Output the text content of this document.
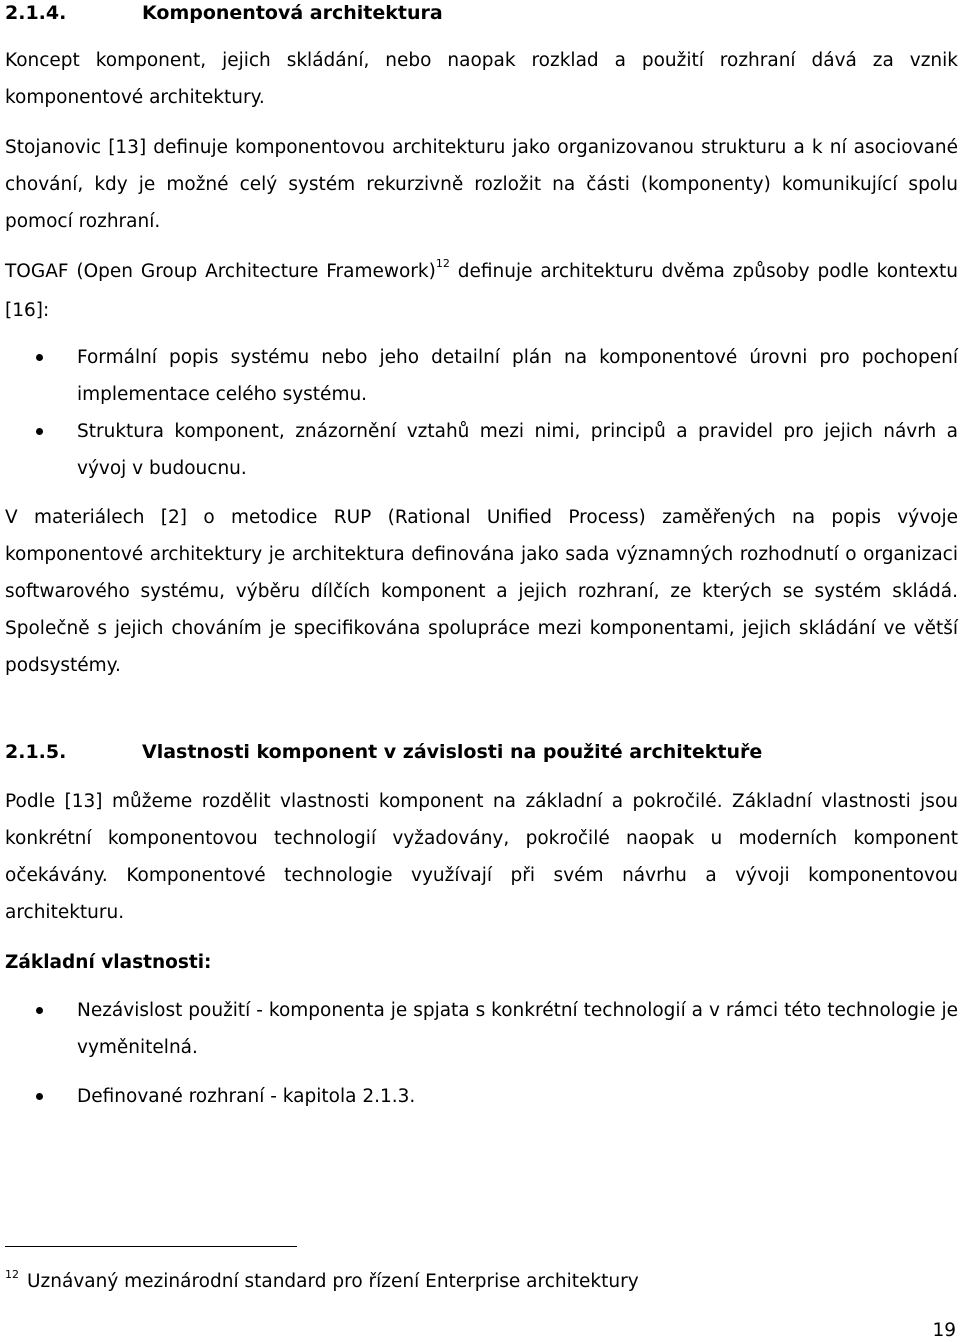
2.1.4.	Komponentová architektura
Koncept komponent, jejich skládání, nebo naopak rozklad a použití rozhraní dává za vznik komponentové architektury.
Stojanovic [13] definuje komponentovou architekturu jako organizovanou strukturu a k ní asociované chování, kdy je možné celý systém rekurzivně rozložit na části (komponenty) komunikující spolu pomocí rozhraní.
TOGAF (Open Group Architecture Framework)$^{12}$ definuje architekturu dvěma způsoby podle kontextu [16]:
Formální popis systému nebo jeho detailní plán na komponentové úrovni pro pochopení implementace celého systému.
Struktura komponent, znázornění vztahů mezi nimi, principů a pravidel pro jejich návrh a vývoj v budoucnu.
V materiálech [2] o metodice RUP (Rational Unified Process) zaměřených na popis vývoje komponentové architektury je architektura definována jako sada významných rozhodnutí o organizaci softwarového systému, výběru dílčích komponent a jejich rozhraní, ze kterých se systém skládá. Společně s jejich chováním je specifikována spolupráce mezi komponentami, jejich skládání ve větší podsystémy.
2.1.5.	Vlastnosti komponent v závislosti na použité architektuře
Podle [13] můžeme rozdělit vlastnosti komponent na základní a pokročilé. Základní vlastnosti jsou konkrétní komponentovou technologií vyžadovány, pokročilé naopak u moderních komponent očekávány. Komponentové technologie využívají při svém návrhu a vývoji komponentovou architekturu.
Základní vlastnosti:
Nezávislost použití - komponenta je spjata s konkrétní technologií a v rámci této technologie je vyměnitelná.
Definované rozhraní - kapitola 2.1.3.
$^{12}$ Uznávaný mezinárodní standard pro řízení Enterprise architektury
19
